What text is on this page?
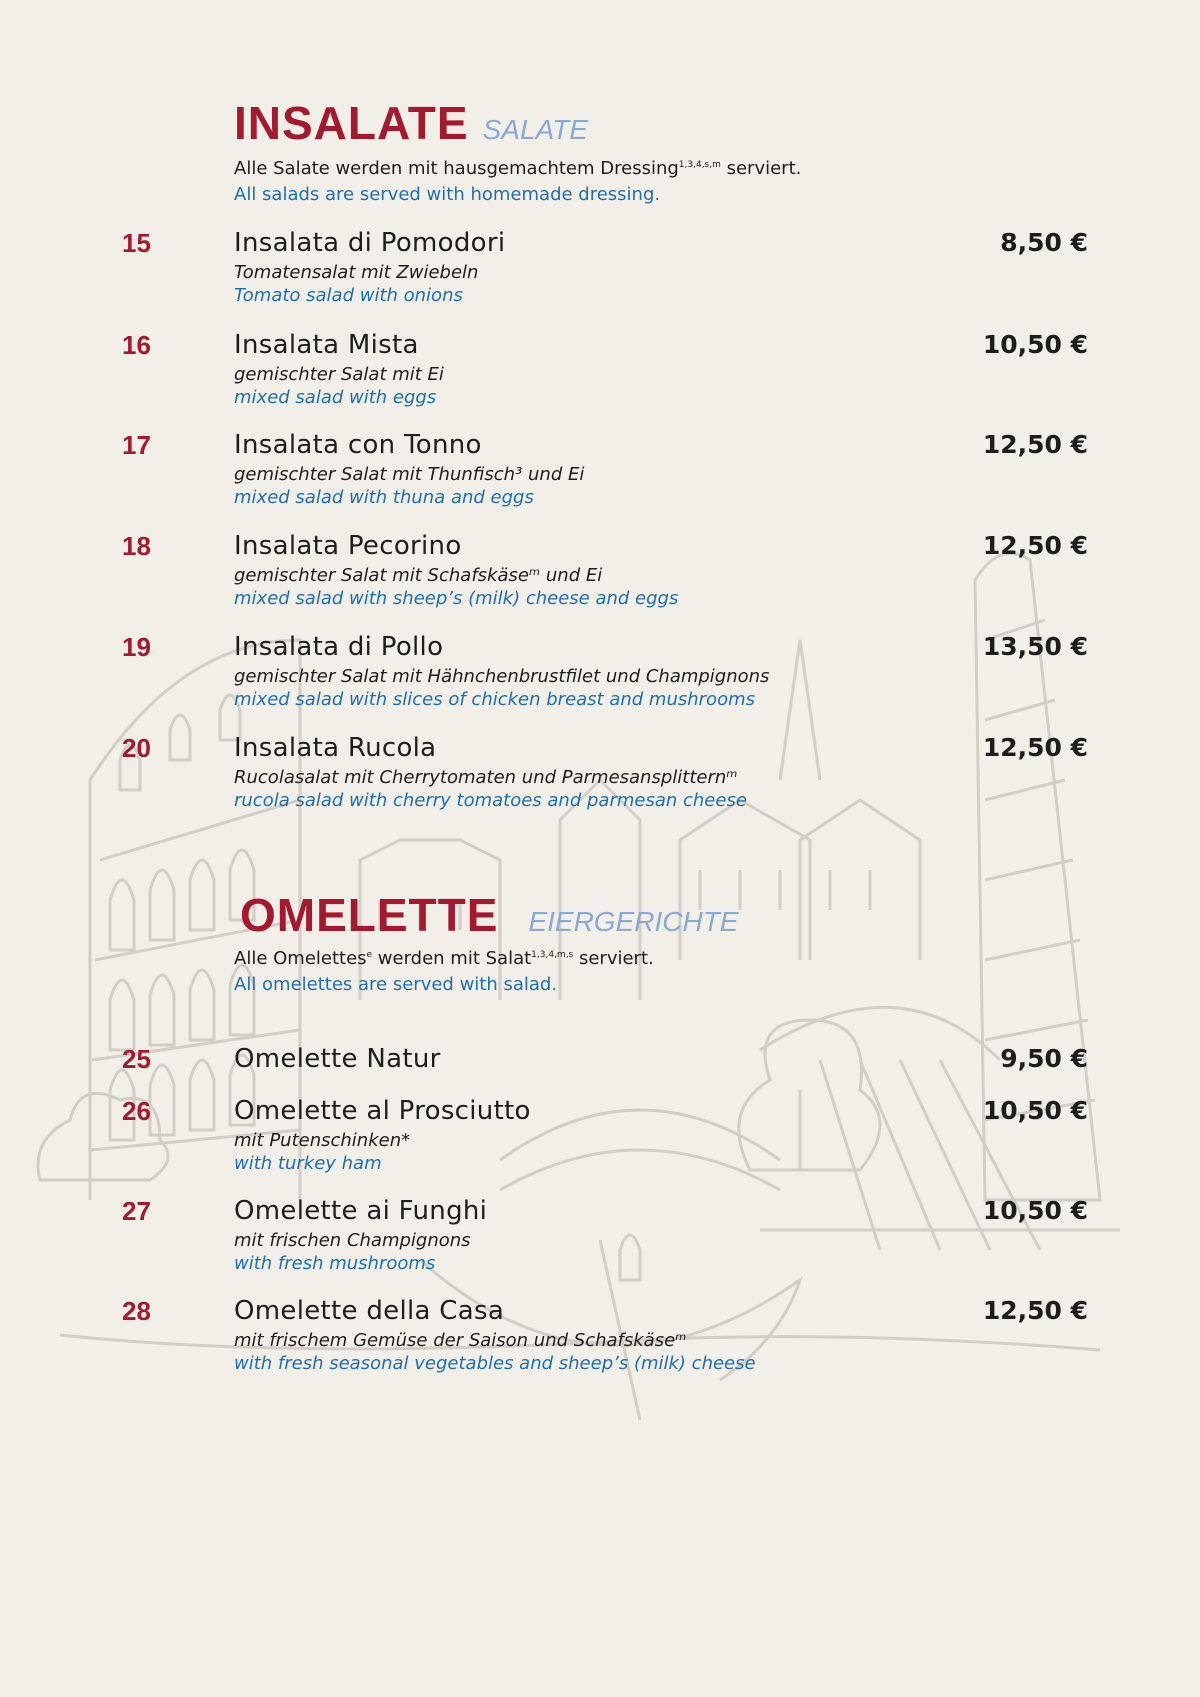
INSALATE SALATE
Alle Salate werden mit hausgemachtem Dressing$^{1,3,4,s,m}$ serviert.
All salads are served with homemade dressing.
15	Insalata di Pomodori	8,50 €
Tomatensalat mit Zwiebeln
Tomato salad with onions
16	Insalata Mista	10,50 €
gemischter Salat mit Ei
mixed salad with eggs
17	Insalata con Tonno	12,50 €
gemischter Salat mit Thunfisch³ und Ei
mixed salad with thuna and eggs
18	Insalata Pecorino	12,50 €
gemischter Salat mit Schafskäseᵐ und Ei
mixed salad with sheep’s (milk) cheese and eggs
19	Insalata di Pollo	13,50 €
gemischter Salat mit Hähnchenbrustfilet und Champignons
mixed salad with slices of chicken breast and mushrooms
20	Insalata Rucola	12,50 €
Rucolasalat mit Cherrytomaten und Parmesansplitternᵐ
rucola salad with cherry tomatoes and parmesan cheese
OMELETTE EIERGERICHTE
Alle Omelettes$^e$ werden mit Salat$^{1,3,4,m,s}$ serviert.
All omelettes are served with salad.
25	Omelette Natur	9,50 €
26	Omelette al Prosciutto	10,50 €
mit Putenschinken*
with turkey ham
27	Omelette ai Funghi	10,50 €
mit frischen Champignons
with fresh mushrooms
28	Omelette della Casa	12,50 €
mit frischem Gemüse der Saison und Schafskäseᵐ
with fresh seasonal vegetables and sheep’s (milk) cheese
